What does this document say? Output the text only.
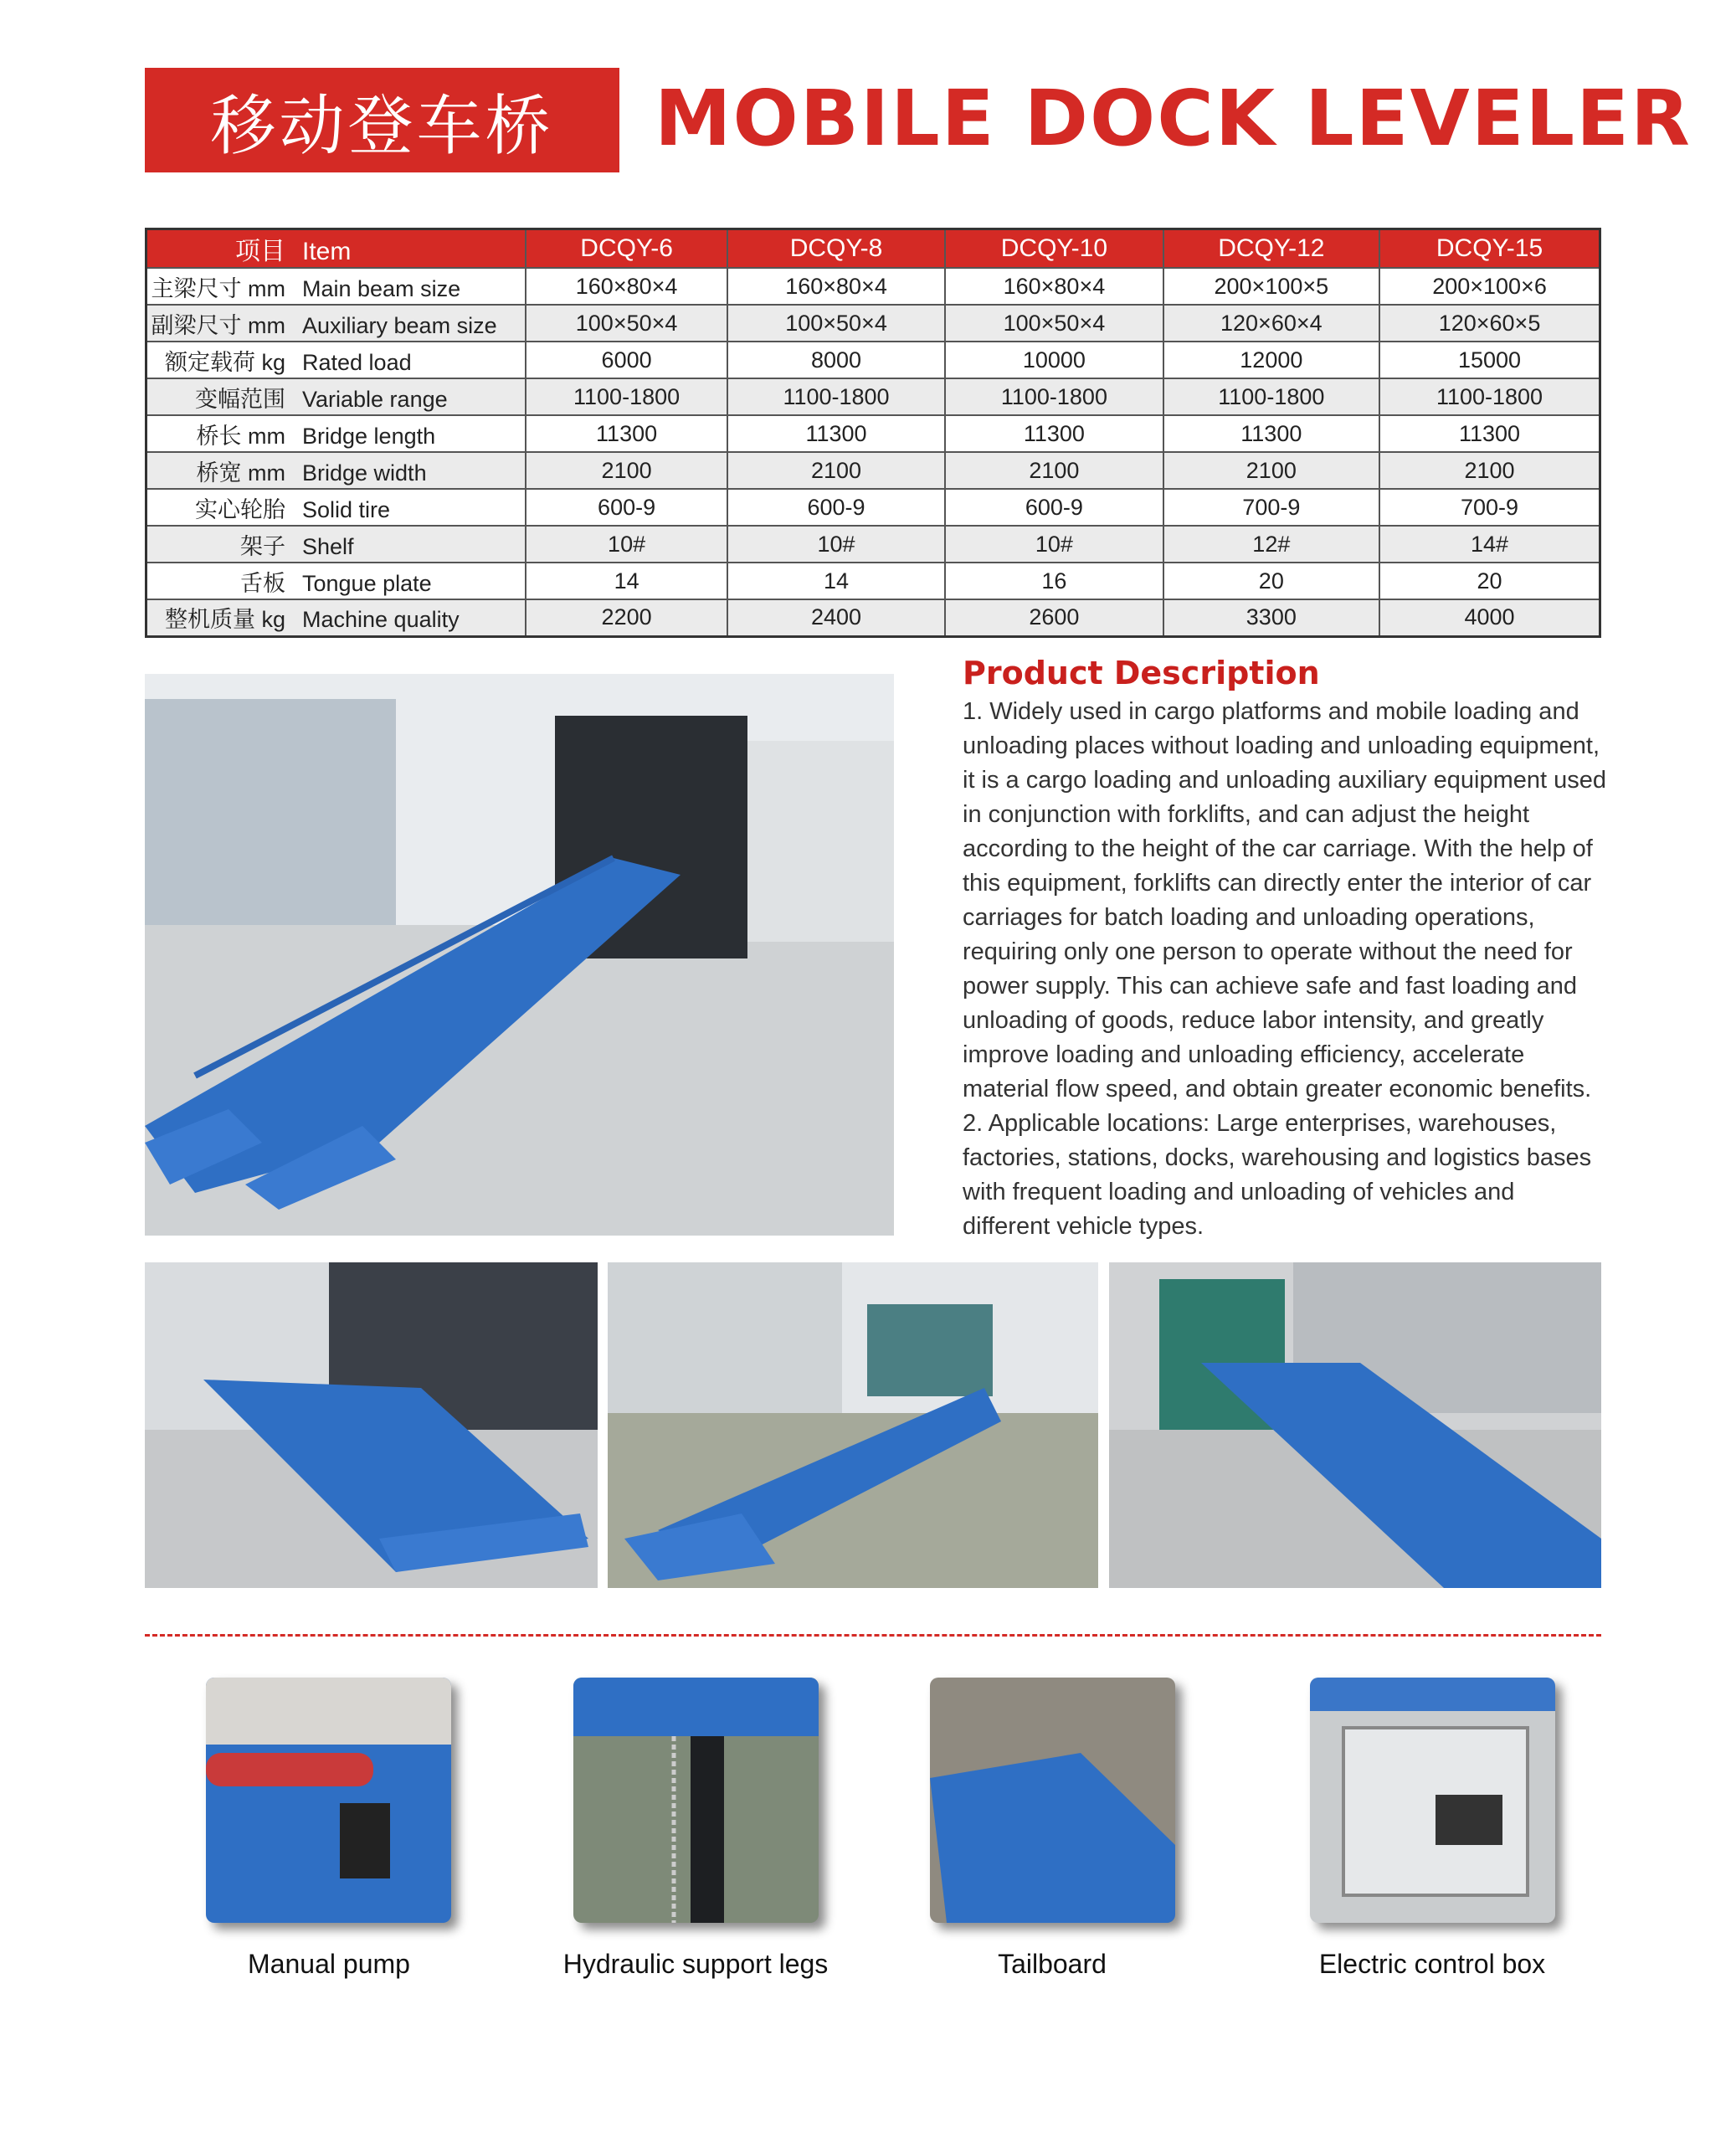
移动登车桥	MOBILE DOCK LEVELER
项目 Item	DCQY-6	DCQY-8	DCQY-10	DCQY-12	DCQY-15
主梁尺寸 mm Main beam size	160×80×4	160×80×4	160×80×4	200×100×5	200×100×6
副梁尺寸 mm Auxiliary beam size	100×50×4	100×50×4	100×50×4	120×60×4	120×60×5
额定载荷 kg Rated load	6000	8000	10000	12000	15000
变幅范围 Variable range	1100-1800	1100-1800	1100-1800	1100-1800	1100-1800
桥长 mm Bridge length	11300	11300	11300	11300	11300
桥宽 mm Bridge width	2100	2100	2100	2100	2100
实心轮胎 Solid tire	600-9	600-9	600-9	700-9	700-9
架子 Shelf	10#	10#	10#	12#	14#
舌板 Tongue plate	14	14	16	20	20
整机质量 kg Machine quality	2200	2400	2600	3300	4000
Product Description

1. Widely used in cargo platforms and mobile loading and unloading places without loading and unloading equipment, it is a cargo loading and unloading auxiliary equipment used in conjunction with forklifts, and can adjust the height according to the height of the car carriage. With the help of this equipment, forklifts can directly enter the interior of car carriages for batch loading and unloading operations, requiring only one person to operate without the need for power supply. This can achieve safe and fast loading and unloading of goods, reduce labor intensity, and greatly improve loading and unloading efficiency, accelerate material flow speed, and obtain greater economic benefits.

2. Applicable locations: Large enterprises, warehouses, factories, stations, docks, warehousing and logistics bases with frequent loading and unloading of vehicles and different vehicle types.

Manual pump	Hydraulic support legs	Tailboard	Electric control box
